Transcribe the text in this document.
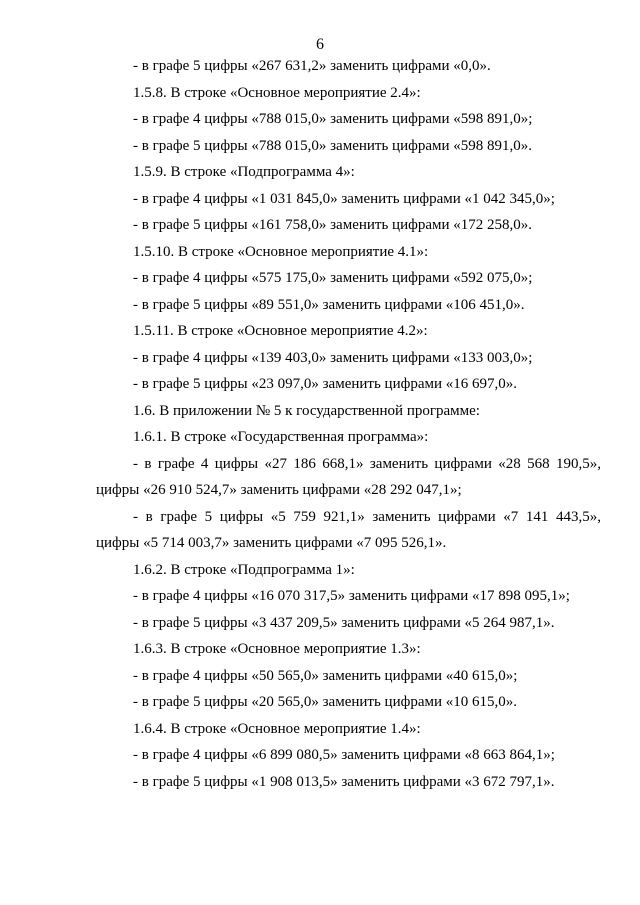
6
- в графе 5 цифры «267 631,2» заменить цифрами «0,0».
1.5.8. В строке «Основное мероприятие 2.4»:
- в графе 4 цифры «788 015,0» заменить цифрами «598 891,0»;
- в графе 5 цифры «788 015,0» заменить цифрами «598 891,0».
1.5.9. В строке «Подпрограмма 4»:
- в графе 4 цифры «1 031 845,0» заменить цифрами «1 042 345,0»;
- в графе 5 цифры «161 758,0» заменить цифрами «172 258,0».
1.5.10. В строке «Основное мероприятие 4.1»:
- в графе 4 цифры «575 175,0» заменить цифрами «592 075,0»;
- в графе 5 цифры «89 551,0» заменить цифрами «106 451,0».
1.5.11. В строке «Основное мероприятие 4.2»:
- в графе 4 цифры «139 403,0» заменить цифрами «133 003,0»;
- в графе 5 цифры «23 097,0» заменить цифрами «16 697,0».
1.6. В приложении № 5 к государственной программе:
1.6.1. В строке «Государственная программа»:
- в графе 4 цифры «27 186 668,1» заменить цифрами «28 568 190,5»,
цифры «26 910 524,7» заменить цифрами «28 292 047,1»;
- в графе 5 цифры «5 759 921,1» заменить цифрами «7 141 443,5»,
цифры «5 714 003,7» заменить цифрами «7 095 526,1».
1.6.2. В строке «Подпрограмма 1»:
- в графе 4 цифры «16 070 317,5» заменить цифрами «17 898 095,1»;
- в графе 5 цифры «3 437 209,5» заменить цифрами «5 264 987,1».
1.6.3. В строке «Основное мероприятие 1.3»:
- в графе 4 цифры «50 565,0» заменить цифрами «40 615,0»;
- в графе 5 цифры «20 565,0» заменить цифрами «10 615,0».
1.6.4. В строке «Основное мероприятие 1.4»:
- в графе 4 цифры «6 899 080,5» заменить цифрами «8 663 864,1»;
- в графе 5 цифры «1 908 013,5» заменить цифрами «3 672 797,1».
